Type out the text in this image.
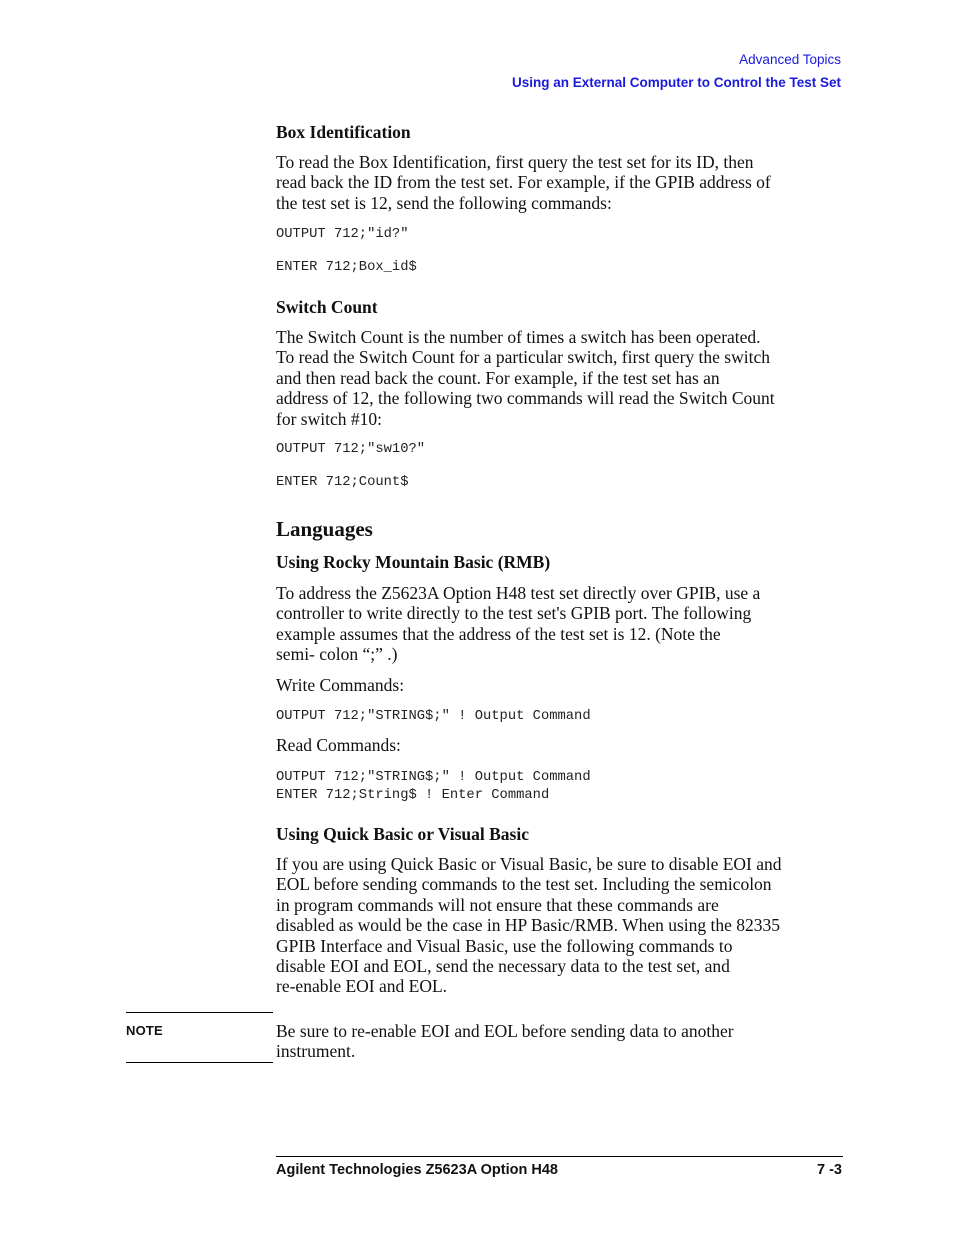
Advanced Topics
Using an External Computer to Control the Test Set
Box Identification
To read the Box Identification, first query the test set for its ID, then
read back the ID from the test set. For example, if the GPIB address of
the test set is 12, send the following commands:
OUTPUT 712;"id?"
ENTER 712;Box_id$
Switch Count
The Switch Count is the number of times a switch has been operated.
To read the Switch Count for a particular switch, first query the switch
and then read back the count. For example, if the test set has an
address of 12, the following two commands will read the Switch Count
for switch #10:
OUTPUT 712;"sw10?"
ENTER 712;Count$
Languages
Using Rocky Mountain Basic (RMB)
To address the Z5623A Option H48 test set directly over GPIB, use a
controller to write directly to the test set's GPIB port. The following
example assumes that the address of the test set is 12. (Note the
semi- colon “;” .)
Write Commands:
OUTPUT 712;"STRING$;" ! Output Command
Read Commands:
OUTPUT 712;"STRING$;" ! Output Command
ENTER 712;String$ ! Enter Command
Using Quick Basic or Visual Basic
If you are using Quick Basic or Visual Basic, be sure to disable EOI and
EOL before sending commands to the test set. Including the semicolon
in program commands will not ensure that these commands are
disabled as would be the case in HP Basic/RMB. When using the 82335
GPIB Interface and Visual Basic, use the following commands to
disable EOI and EOL, send the necessary data to the test set, and
re-enable EOI and EOL.
NOTE	Be sure to re-enable EOI and EOL before sending data to another
instrument.
Agilent Technologies Z5623A Option H48	7 -3
